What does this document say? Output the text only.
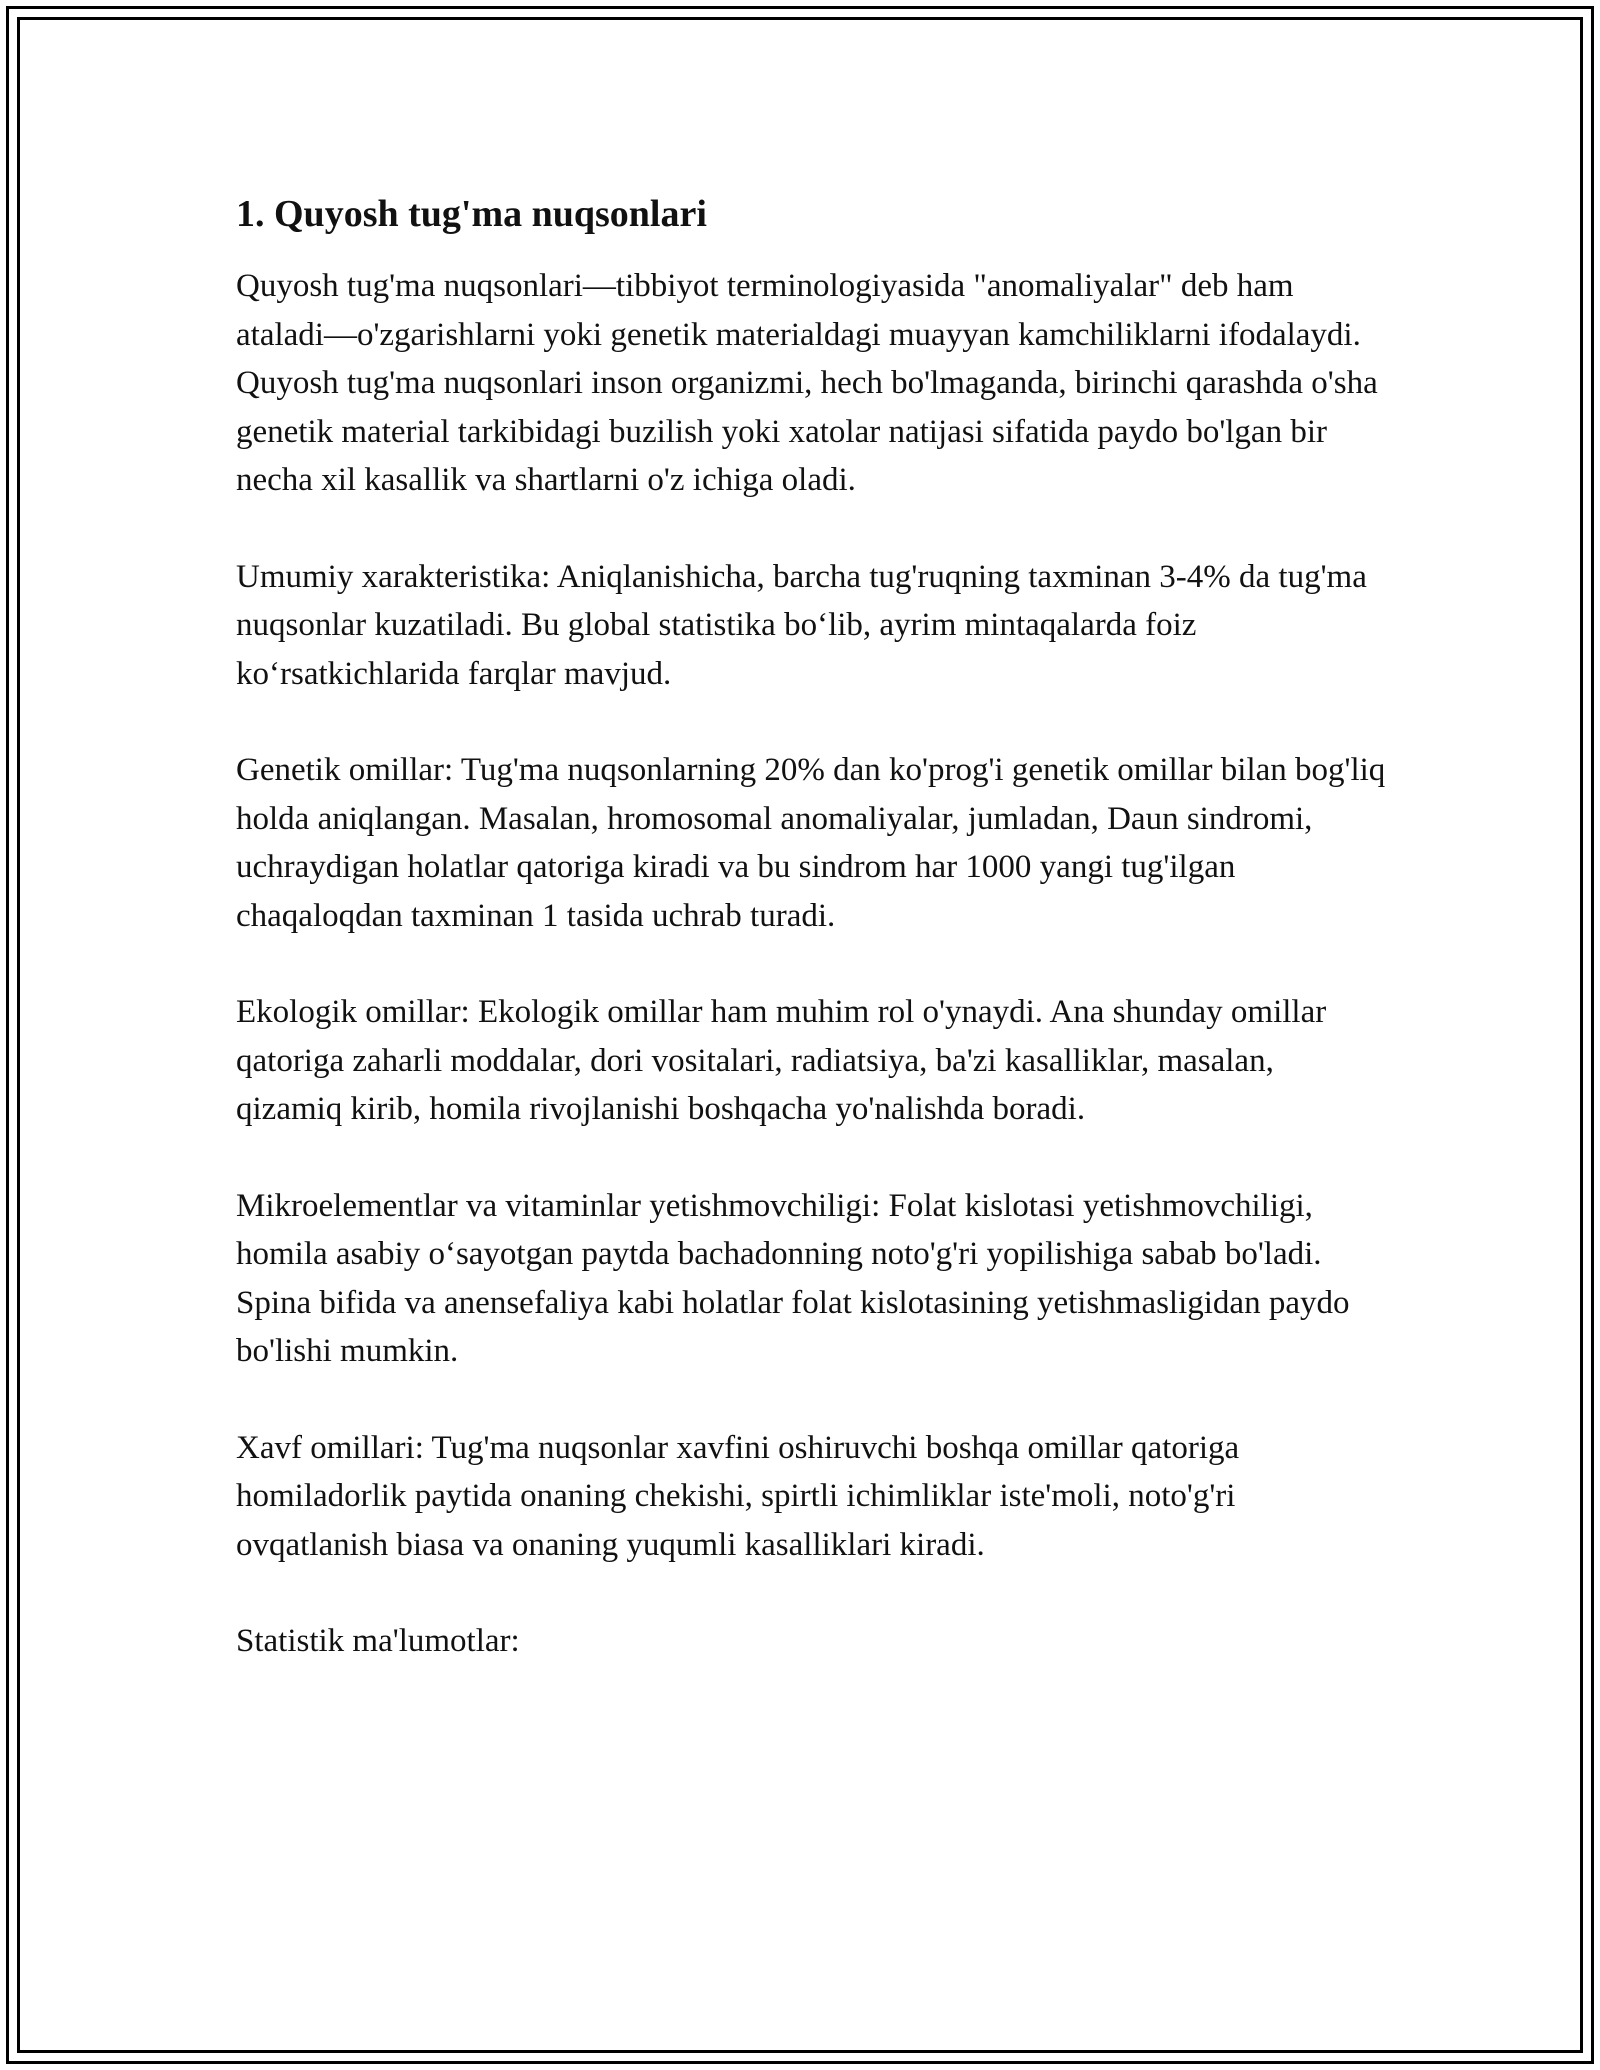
1. Quyosh tug'ma nuqsonlari

Quyosh tug'ma nuqsonlari—tibbiyot terminologiyasida "anomaliyalar" deb ham ataladi—o'zgarishlarni yoki genetik materialdagi muayyan kamchiliklarni ifodalaydi. Quyosh tug'ma nuqsonlari inson organizmi, hech bo'lmaganda, birinchi qarashda o'sha genetik material tarkibidagi buzilish yoki xatolar natijasi sifatida paydo bo'lgan bir necha xil kasallik va shartlarni o'z ichiga oladi.

Umumiy xarakteristika: Aniqlanishicha, barcha tug'ruqning taxminan 3-4% da tug'ma nuqsonlar kuzatiladi. Bu global statistika bo‘lib, ayrim mintaqalarda foiz ko‘rsatkichlarida farqlar mavjud.

Genetik omillar: Tug'ma nuqsonlarning 20% dan ko'prog'i genetik omillar bilan bog'liq holda aniqlangan. Masalan, hromosomal anomaliyalar, jumladan, Daun sindromi, uchraydigan holatlar qatoriga kiradi va bu sindrom har 1000 yangi tug'ilgan chaqaloqdan taxminan 1 tasida uchrab turadi.

Ekologik omillar: Ekologik omillar ham muhim rol o'ynaydi. Ana shunday omillar qatoriga zaharli moddalar, dori vositalari, radiatsiya, ba'zi kasalliklar, masalan, qizamiq kirib, homila rivojlanishi boshqacha yo'nalishda boradi.

Mikroelementlar va vitaminlar yetishmovchiligi: Folat kislotasi yetishmovchiligi, homila asabiy o‘sayotgan paytda bachadonning noto'g'ri yopilishiga sabab bo'ladi. Spina bifida va anensefaliya kabi holatlar folat kislotasining yetishmasligidan paydo bo'lishi mumkin.

Xavf omillari: Tug'ma nuqsonlar xavfini oshiruvchi boshqa omillar qatoriga homiladorlik paytida onaning chekishi, spirtli ichimliklar iste'moli, noto'g'ri ovqatlanish biasa va onaning yuqumli kasalliklari kiradi.

Statistik ma'lumotlar:
